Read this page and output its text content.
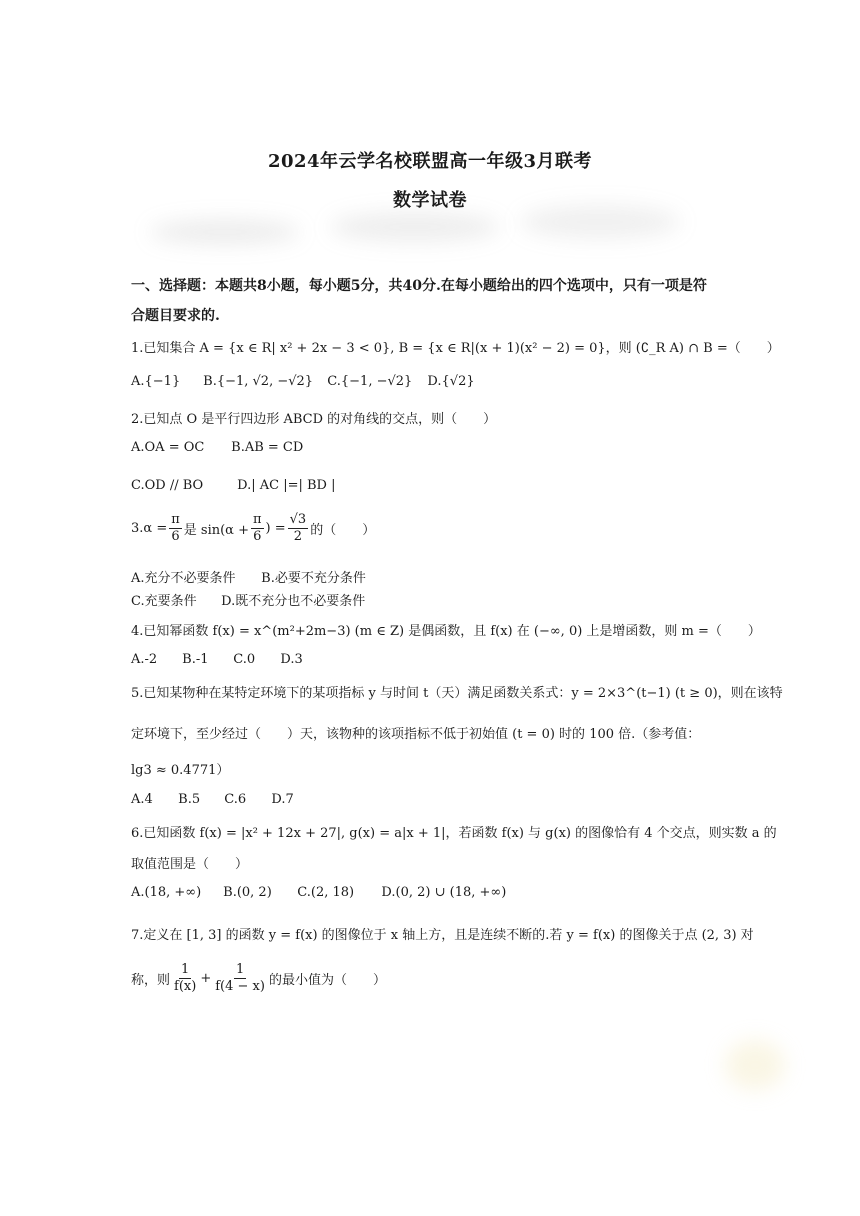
2024年云学名校联盟高一年级3月联考
数学试卷
一、选择题：本题共8小题，每小题5分，共40分.在每小题给出的四个选项中，只有一项是符
合题目要求的.
1.已知集合 A = {x ∈ R| x² + 2x − 3 < 0}, B = {x ∈ R|(x + 1)(x² − 2) = 0}，则 (∁_R A) ∩ B =（　　）
A.{−1} B.{−1, √2, −√2} C.{−1, −√2} D.{√2}
2.已知点 O 是平行四边形 ABCD 的对角线的交点，则（　　）
A.OA = OC B.AB = CD
C.OD // BO	D.| AC |=| BD |
$3.\alpha = \frac{\pi}{6}$ 是 $\sin(\alpha + \frac{\pi}{6}$ ) = $\frac{√3}{2}$ 的（　　）
A.充分不必要条件 B.必要不充分条件
C.充要条件 D.既不充分也不必要条件
4.已知幂函数 f(x) = x^(m²+2m−3) (m ∈ Z) 是偶函数，且 f(x) 在 (−∞, 0) 上是增函数，则 m =（　　）
A.-2 B.-1 C.0 D.3
5.已知某物种在某特定环境下的某项指标 y 与时间 t（天）满足函数关系式：y = 2×3^(t−1) (t ≥ 0)，则在该特
定环境下，至少经过（　　）天，该物种的该项指标不低于初始值 (t = 0) 时的 100 倍.（参考值：
lg3 ≈ 0.4771）
A.4 B.5 C.6 D.7
6.已知函数 f(x) = |x² + 12x + 27|, g(x) = a|x + 1|，若函数 f(x) 与 g(x) 的图像恰有 4 个交点，则实数 a 的
取值范围是（　　）
A.(18, +∞) B.(0, 2) C.(2, 18) D.(0, 2) ∪ (18, +∞)
7.定义在 [1, 3] 的函数 y = f(x) 的图像位于 x 轴上方，且是连续不断的.若 y = f(x) 的图像关于点 (2, 3) 对
称，则 $\frac{1}{f(x)} + \frac{1}{f(4 - x)}$ 的最小值为（　　）
